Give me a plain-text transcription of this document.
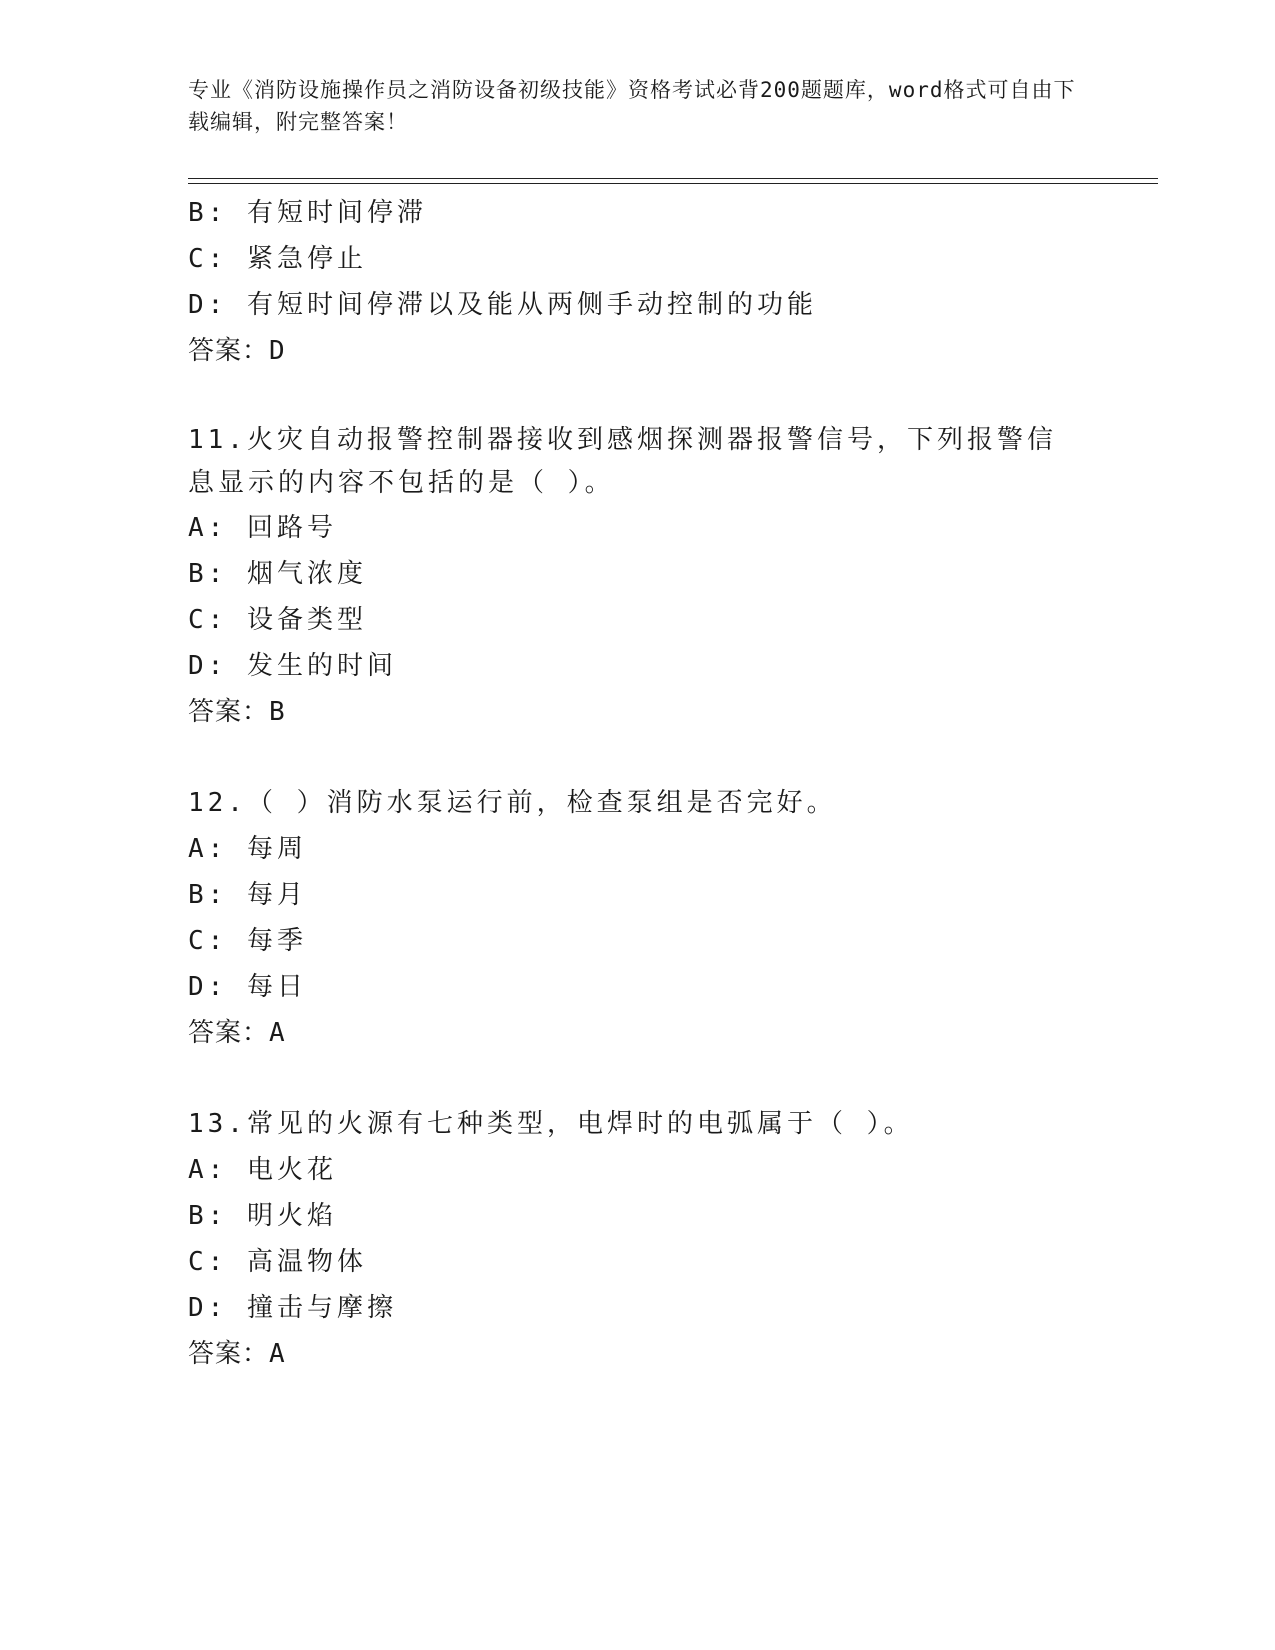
专业《消防设施操作员之消防设备初级技能》资格考试必背200题题库，word格式可自由下载编辑，附完整答案！
B: 有短时间停滞
C: 紧急停止
D: 有短时间停滞以及能从两侧手动控制的功能
答案：D
11.火灾自动报警控制器接收到感烟探测器报警信号，下列报警信息显示的内容不包括的是（ ）。
A: 回路号
B: 烟气浓度
C: 设备类型
D: 发生的时间
答案：B
12.（ ）消防水泵运行前，检查泵组是否完好。
A: 每周
B: 每月
C: 每季
D: 每日
答案：A
13.常见的火源有七种类型，电焊时的电弧属于（ ）。
A: 电火花
B: 明火焰
C: 高温物体
D: 撞击与摩擦
答案：A
